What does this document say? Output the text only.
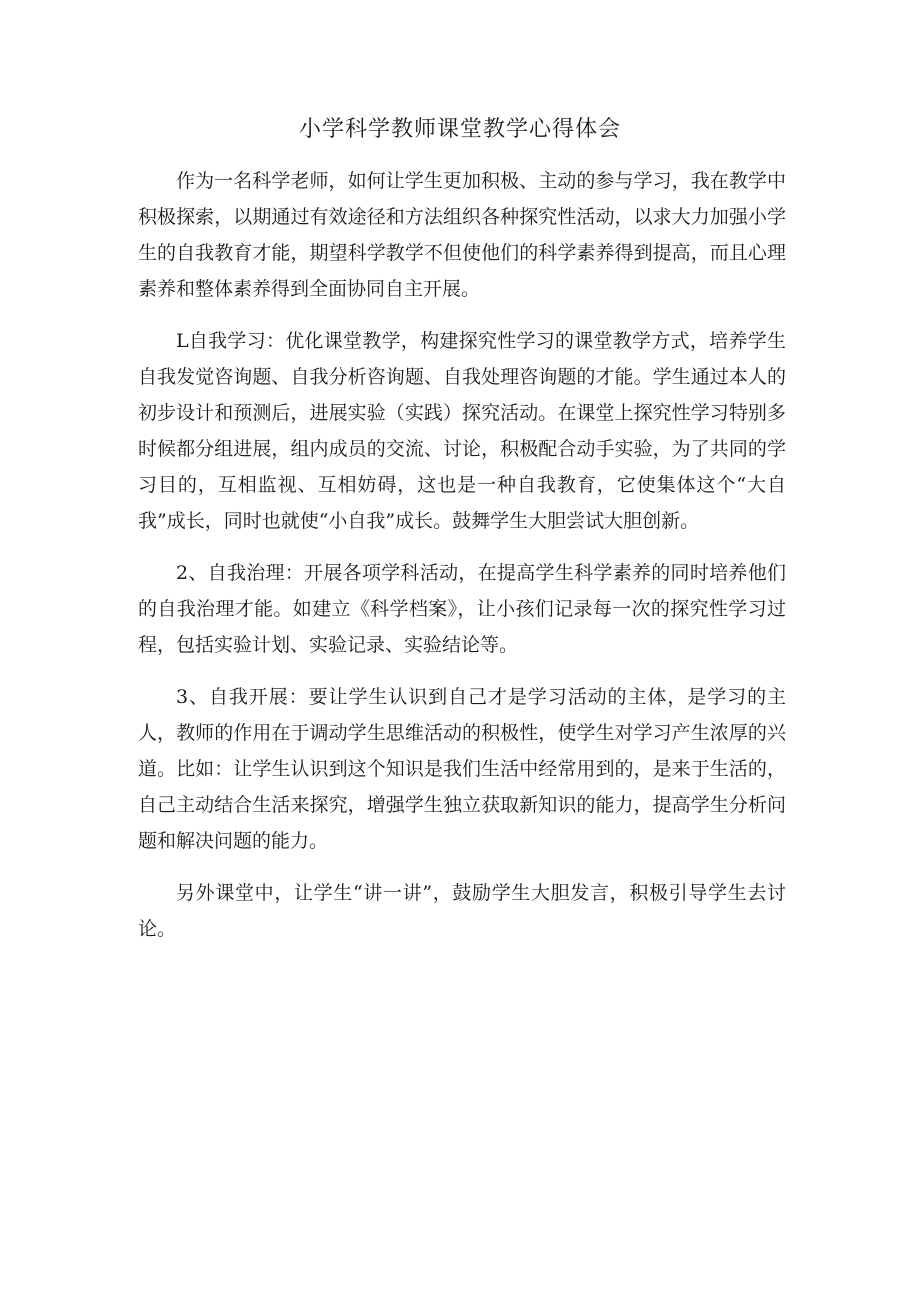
小学科学教师课堂教学心得体会

作为一名科学老师，如何让学生更加积极、主动的参与学习，我在教学中积极探索，以期通过有效途径和方法组织各种探究性活动，以求大力加强小学生的自我教育才能，期望科学教学不但使他们的科学素养得到提高，而且心理素养和整体素养得到全面协同自主开展。

L自我学习：优化课堂教学，构建探究性学习的课堂教学方式，培养学生自我发觉咨询题、自我分析咨询题、自我处理咨询题的才能。学生通过本人的初步设计和预测后，进展实验（实践）探究活动。在课堂上探究性学习特别多时候都分组进展，组内成员的交流、讨论，积极配合动手实验，为了共同的学习目的，互相监视、互相妨碍，这也是一种自我教育，它使集体这个“大自我”成长，同时也就使“小自我”成长。鼓舞学生大胆尝试大胆创新。

2、自我治理：开展各项学科活动，在提高学生科学素养的同时培养他们的自我治理才能。如建立《科学档案》，让小孩们记录每一次的探究性学习过程，包括实验计划、实验记录、实验结论等。

3、自我开展：要让学生认识到自己才是学习活动的主体，是学习的主人，教师的作用在于调动学生思维活动的积极性，使学生对学习产生浓厚的兴道。比如：让学生认识到这个知识是我们生活中经常用到的，是来于生活的，自己主动结合生活来探究，增强学生独立获取新知识的能力，提高学生分析问题和解决问题的能力。

另外课堂中，让学生“讲一讲”，鼓励学生大胆发言，积极引导学生去讨论。
